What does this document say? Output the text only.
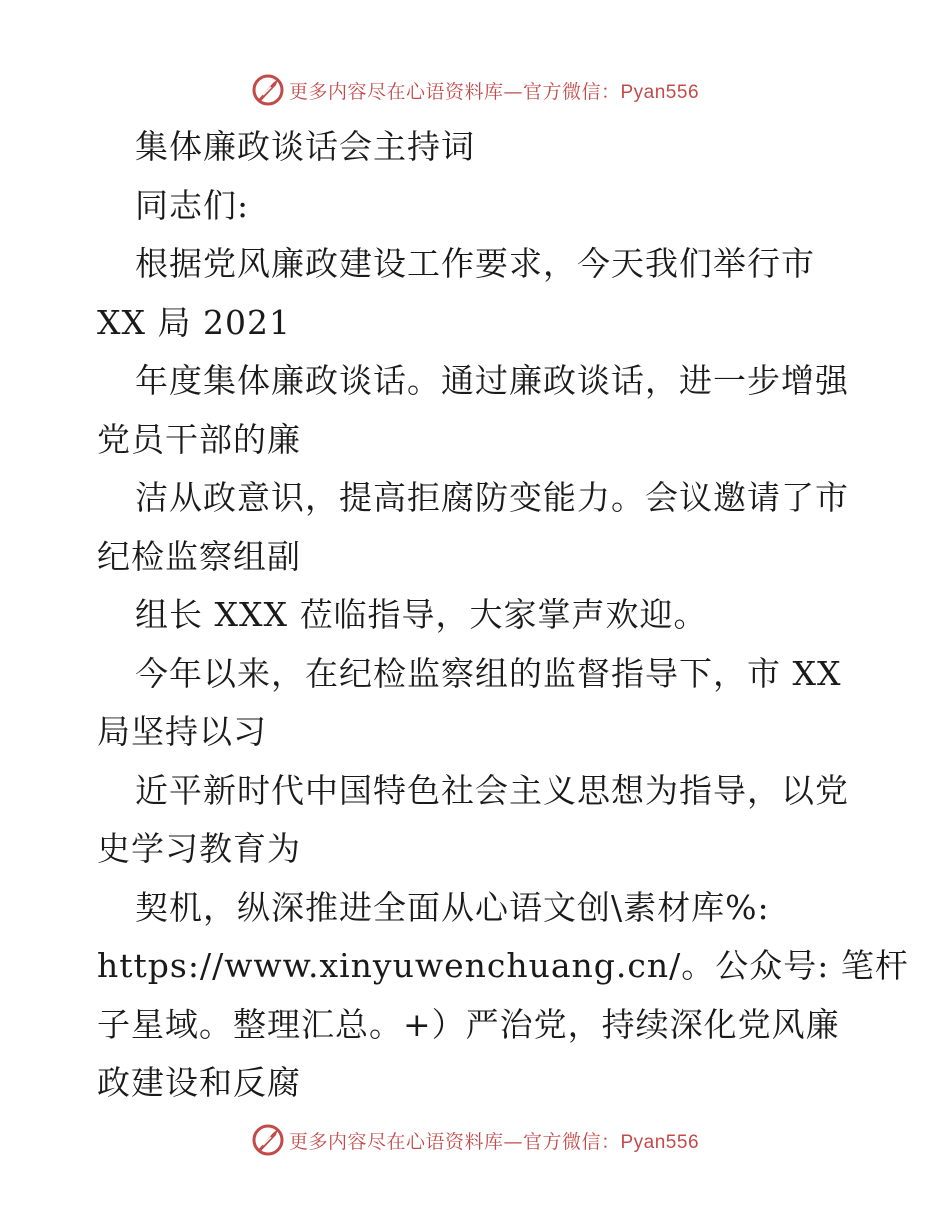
更多内容尽在心语资料库—官方微信：Pyan556
集体廉政谈话会主持词
同志们:
根据党风廉政建设工作要求，今天我们举行市
XX 局 2021
年度集体廉政谈话。通过廉政谈话，进一步增强
党员干部的廉
洁从政意识，提高拒腐防变能力。会议邀请了市
纪检监察组副
组长 XXX 莅临指导，大家掌声欢迎。
今年以来，在纪检监察组的监督指导下，市 XX
局坚持以习
近平新时代中国特色社会主义思想为指导，以党
史学习教育为
契机，纵深推进全面从心语文创\素材库%:
https://www.xinyuwenchuang.cn/。公众号: 笔杆
子星域。整理汇总。+）严治党，持续深化党风廉
政建设和反腐
更多内容尽在心语资料库—官方微信：Pyan556
